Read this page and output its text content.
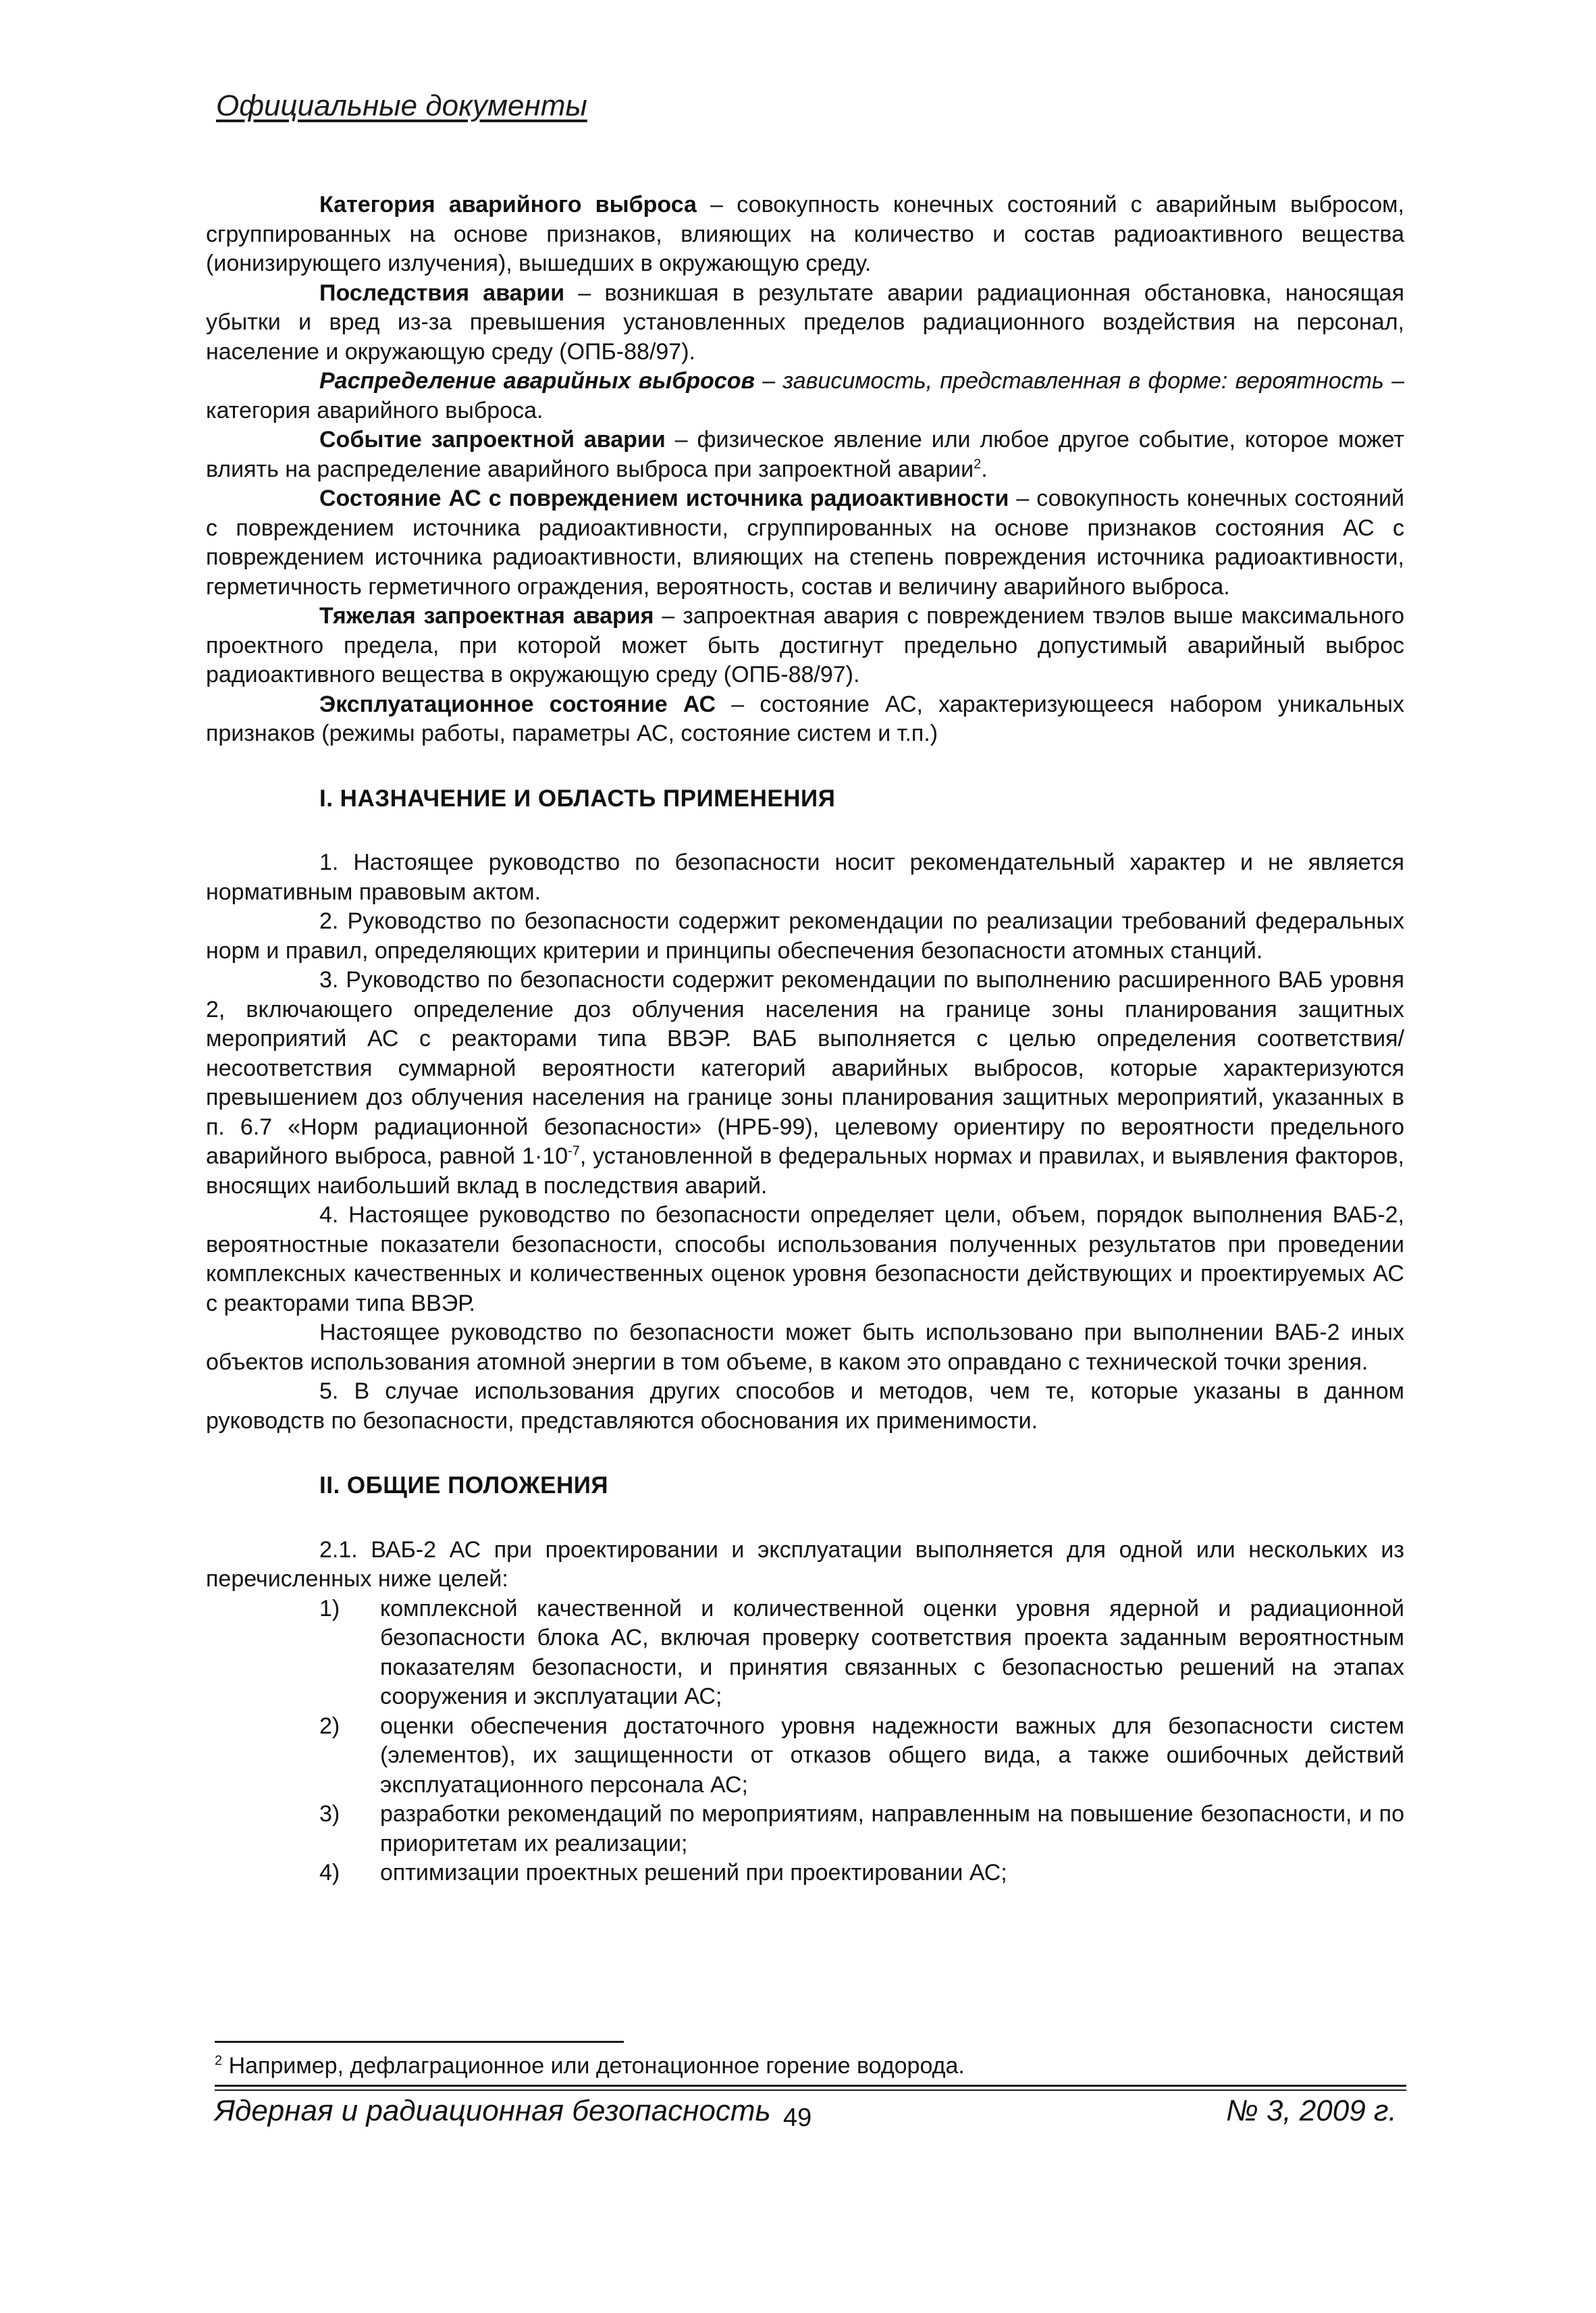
Официальные документы

Категория аварийного выброса – совокупность конечных состояний с аварийным выбросом, сгруппированных на основе признаков, влияющих на количество и состав радиоактивного вещества (ионизирующего излучения), вышедших в окружающую среду.

Последствия аварии – возникшая в результате аварии радиационная обстановка, наносящая убытки и вред из-за превышения установленных пределов радиационного воздействия на персонал, население и окружающую среду (ОПБ-88/97).

Распределение аварийных выбросов – зависимость, представленная в форме: вероятность – категория аварийного выброса.

Событие запроектной аварии – физическое явление или любое другое событие, которое может влиять на распределение аварийного выброса при запроектной аварии$^2$.

Состояние АС с повреждением источника радиоактивности – совокупность конечных состояний с повреждением источника радиоактивности, сгруппированных на основе признаков состояния АС с повреждением источника радиоактивности, влияющих на степень повреждения источника радиоактивности, герметичность герметичного ограждения, вероятность, состав и величину аварийного выброса.

Тяжелая запроектная авария – запроектная авария с повреждением твэлов выше максимального проектного предела, при которой может быть достигнут предельно допустимый аварийный выброс радиоактивного вещества в окружающую среду (ОПБ-88/97).

Эксплуатационное состояние АС – состояние АС, характеризующееся набором уникальных признаков (режимы работы, параметры АС, состояние систем и т.п.)

I. НАЗНАЧЕНИЕ И ОБЛАСТЬ ПРИМЕНЕНИЯ

1. Настоящее руководство по безопасности носит рекомендательный характер и не является нормативным правовым актом.

2. Руководство по безопасности содержит рекомендации по реализации требований федеральных норм и правил, определяющих критерии и принципы обеспечения безопасности атомных станций.

3. Руководство по безопасности содержит рекомендации по выполнению расширенного ВАБ уровня 2, включающего определение доз облучения населения на границе зоны планирования защитных мероприятий АС с реакторами типа ВВЭР. ВАБ выполняется с целью определения соответствия/несоответствия суммарной вероятности категорий аварийных выбросов, которые характеризуются превышением доз облучения населения на границе зоны планирования защитных мероприятий, указанных в п. 6.7 «Норм радиационной безопасности» (НРБ-99), целевому ориентиру по вероятности предельного аварийного выброса, равной $1\cdot 10^{-7}$, установленной в федеральных нормах и правилах, и выявления факторов, вносящих наибольший вклад в последствия аварий.

4. Настоящее руководство по безопасности определяет цели, объем, порядок выполнения ВАБ-2, вероятностные показатели безопасности, способы использования полученных результатов при проведении комплексных качественных и количественных оценок уровня безопасности действующих и проектируемых АС с реакторами типа ВВЭР.

Настоящее руководство по безопасности может быть использовано при выполнении ВАБ-2 иных объектов использования атомной энергии в том объеме, в каком это оправдано с технической точки зрения.

5. В случае использования других способов и методов, чем те, которые указаны в данном руководств по безопасности, представляются обоснования их применимости.

II. ОБЩИЕ ПОЛОЖЕНИЯ

2.1. ВАБ-2 АС при проектировании и эксплуатации выполняется для одной или нескольких из перечисленных ниже целей:

1)	комплексной качественной и количественной оценки уровня ядерной и радиационной безопасности блока АС, включая проверку соответствия проекта заданным вероятностным показателям безопасности, и принятия связанных с безопасностью решений на этапах сооружения и эксплуатации АС;
2)	оценки обеспечения достаточного уровня надежности важных для безопасности систем (элементов), их защищенности от отказов общего вида, а также ошибочных действий эксплуатационного персонала АС;
3)	разработки рекомендаций по мероприятиям, направленным на повышение безопасности, и по приоритетам их реализации;
4)	оптимизации проектных решений при проектировании АС;
$^2$ Например, дефлаграционное или детонационное горение водорода.
Ядерная и радиационная безопасность 49	№ 3, 2009 г.
